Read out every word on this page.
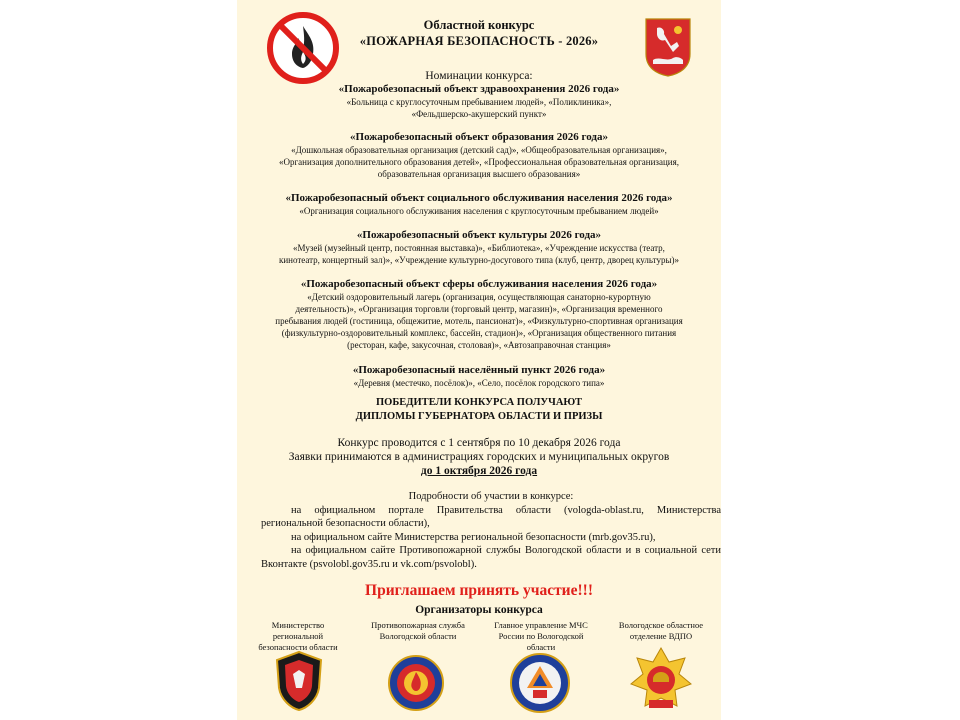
Областной конкурс
«ПОЖАРНАЯ БЕЗОПАСНОСТЬ - 2026»
Номинации конкурса:
«Пожаробезопасный объект здравоохранения 2026 года»
«Больница с круглосуточным пребыванием людей», «Поликлиника»,
«Фельдшерско-акушерский пункт»
«Пожаробезопасный объект образования 2026 года»
«Дошкольная образовательная организация (детский сад)», «Общеобразовательная организация»,
«Организация дополнительного образования детей», «Профессиональная образовательная организация,
образовательная организация высшего образования»
«Пожаробезопасный объект социального обслуживания населения 2026 года»
«Организация социального обслуживания населения с круглосуточным пребыванием людей»
«Пожаробезопасный объект культуры 2026 года»
«Музей (музейный центр, постоянная выставка)», «Библиотека», «Учреждение искусства (театр,
кинотеатр, концертный зал)», «Учреждение культурно-досугового типа (клуб, центр, дворец культуры)»
«Пожаробезопасный объект сферы обслуживания населения 2026 года»
«Детский оздоровительный лагерь (организация, осуществляющая санаторно-курортную
деятельность)», «Организация торговли (торговый центр, магазин)», «Организация временного
пребывания людей (гостиница, общежитие, мотель, пансионат)», «Физкультурно-спортивная организация
(физкультурно-оздоровительный комплекс, бассейн, стадион)», «Организация общественного питания
(ресторан, кафе, закусочная, столовая)», «Автозаправочная станция»
«Пожаробезопасный населённый пункт 2026 года»
«Деревня (местечко, посёлок)», «Село, посёлок городского типа»
ПОБЕДИТЕЛИ КОНКУРСА ПОЛУЧАЮТ
ДИПЛОМЫ ГУБЕРНАТОРА ОБЛАСТИ И ПРИЗЫ
Конкурс проводится с 1 сентября по 10 декабря 2026 года
Заявки принимаются в администрациях городских и муниципальных округов
до 1 октября 2026 года
Подробности об участии в конкурсе:

на официальном портале Правительства области (vologda-oblast.ru, Министерства региональной безопасности области),

на официальном сайте Министерства региональной безопасности (mrb.gov35.ru),

на официальном сайте Противопожарной службы Вологодской области и в социальной сети Вконтакте (psvolobl.gov35.ru и vk.com/psvolobl).

Приглашаем принять участие!!!
Организаторы конкурса
Министерство региональной безопасности области
Противопожарная служба Вологодской области
Главное управление МЧС России по Вологодской области
Вологодское областное отделение ВДПО
